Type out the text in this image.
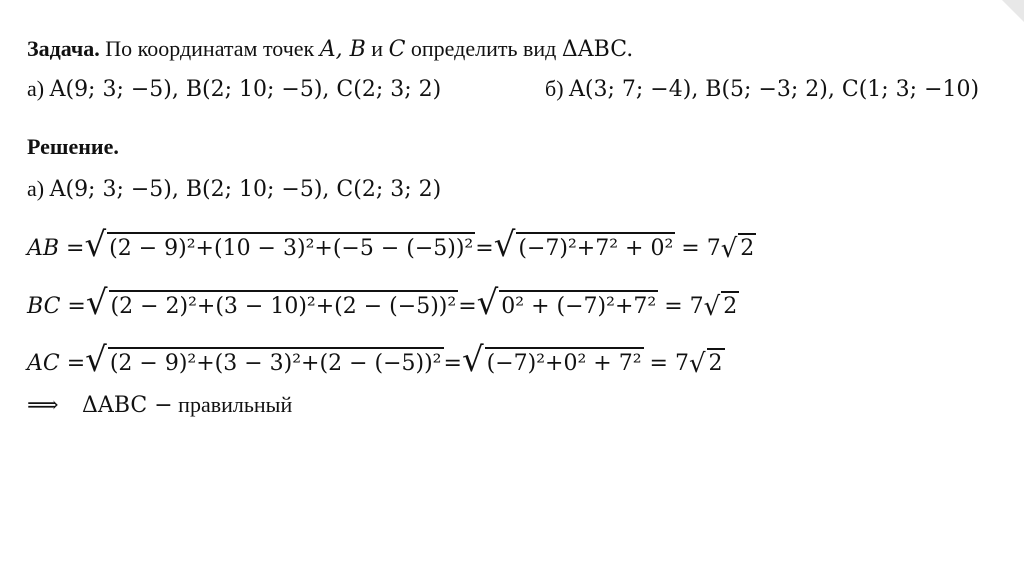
Задача. По координатам точек A, B и C определить вид ΔABC.

а) A(9; 3; −5), B(2; 10; −5), C(2; 3; 2)	б) A(3; 7; −4), B(5; −3; 2), C(1; 3; −10)

Решение.

а) A(9; 3; −5), B(2; 10; −5), C(2; 3; 2)

AB = √ (2 − 9)²+(10 − 3)²+(−5 − (−5))² = √ (−7)²+7² + 0² = 7 √ 2
BC = √ (2 − 2)²+(3 − 10)²+(2 − (−5))² = √ 0² + (−7)²+7² = 7 √ 2
AC = √ (2 − 9)²+(3 − 3)²+(2 − (−5))² = √ (−7)²+0² + 7² = 7 √ 2

⟹ ΔABC − правильный
